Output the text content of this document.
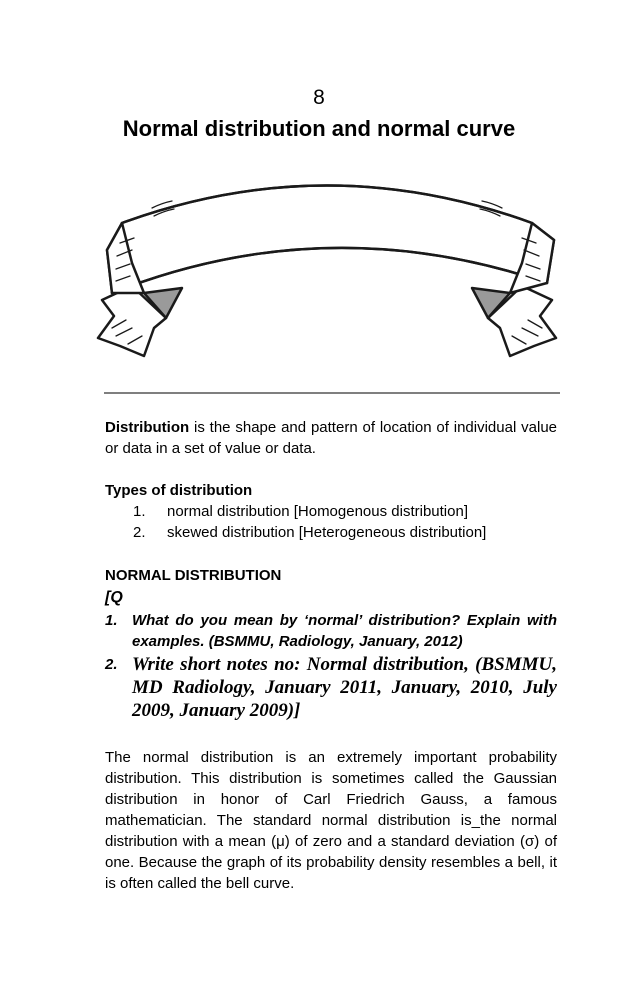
8
Normal distribution and normal curve

Distribution is the shape and pattern of location of individual value or data in a set of value or data.

Types of distribution
1. normal distribution [Homogenous distribution]
2. skewed distribution [Heterogeneous distribution]
NORMAL DISTRIBUTION
[Q
1. What do you mean by ‘normal’ distribution? Explain with examples. (BSMMU, Radiology, January, 2012)

2. Write short notes no: Normal distribution, (BSMMU, MD Radiology, January 2011, January, 2010, July 2009, January 2009)]

The normal distribution is an extremely important probability distribution. This distribution is sometimes called the Gaussian distribution in honor of Carl Friedrich Gauss, a famous mathematician. The standard normal distribution is_the normal distribution with a mean (μ) of zero and a standard deviation (σ) of one. Because the graph of its probability density resembles a bell, it is often called the bell curve.
